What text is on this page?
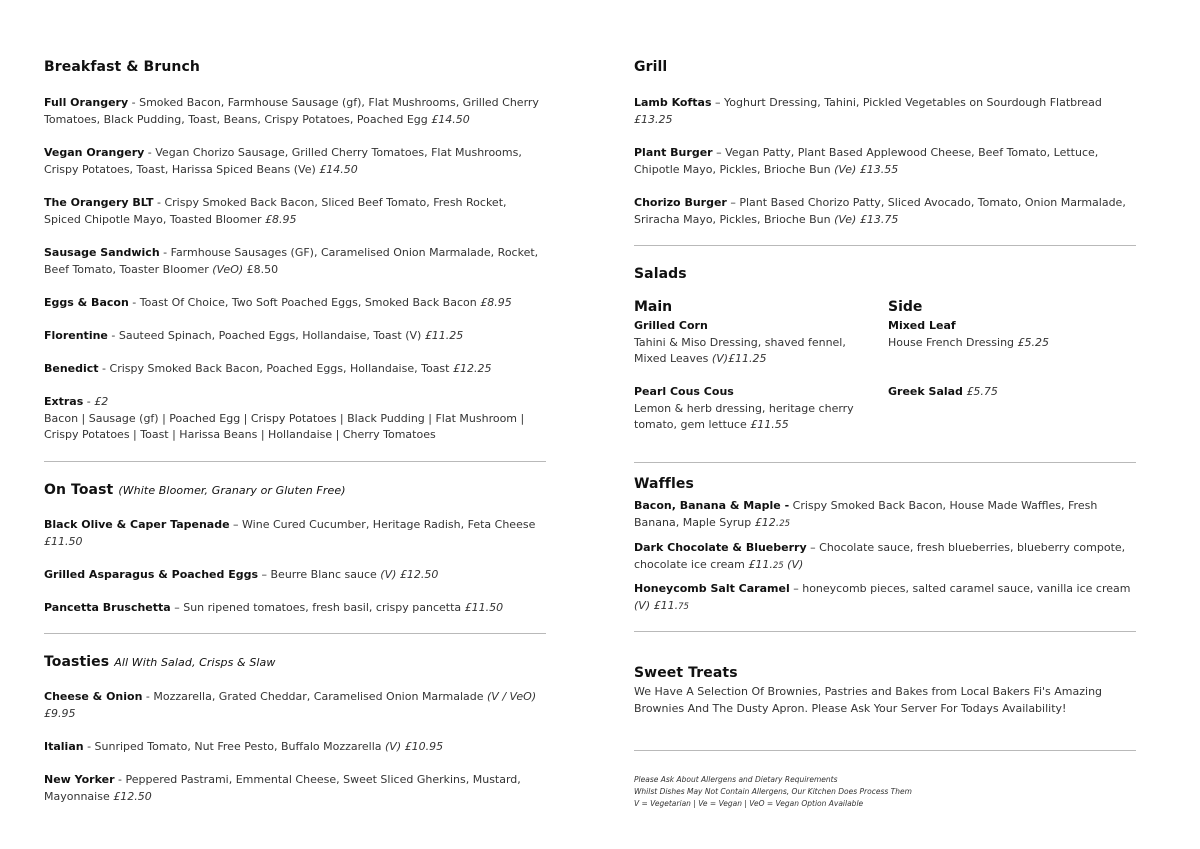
Breakfast & Brunch
Full Orangery - Smoked Bacon, Farmhouse Sausage (gf), Flat Mushrooms, Grilled Cherry Tomatoes, Black Pudding, Toast, Beans, Crispy Potatoes, Poached Egg £14.50
Vegan Orangery - Vegan Chorizo Sausage, Grilled Cherry Tomatoes, Flat Mushrooms, Crispy Potatoes, Toast, Harissa Spiced Beans (Ve) £14.50
The Orangery BLT - Crispy Smoked Back Bacon, Sliced Beef Tomato, Fresh Rocket, Spiced Chipotle Mayo, Toasted Bloomer £8.95
Sausage Sandwich - Farmhouse Sausages (GF), Caramelised Onion Marmalade, Rocket, Beef Tomato, Toaster Bloomer (VeO) £8.50
Eggs & Bacon - Toast Of Choice, Two Soft Poached Eggs, Smoked Back Bacon £8.95
Florentine - Sauteed Spinach, Poached Eggs, Hollandaise, Toast (V) £11.25
Benedict - Crispy Smoked Back Bacon, Poached Eggs, Hollandaise, Toast £12.25
Extras - £2
Bacon | Sausage (gf) | Poached Egg | Crispy Potatoes | Black Pudding | Flat Mushroom | Crispy Potatoes | Toast | Harissa Beans | Hollandaise | Cherry Tomatoes
On Toast (White Bloomer, Granary or Gluten Free)
Black Olive & Caper Tapenade – Wine Cured Cucumber, Heritage Radish, Feta Cheese £11.50
Grilled Asparagus & Poached Eggs – Beurre Blanc sauce (V) £12.50
Pancetta Bruschetta – Sun ripened tomatoes, fresh basil, crispy pancetta £11.50
Toasties All With Salad, Crisps & Slaw
Cheese & Onion - Mozzarella, Grated Cheddar, Caramelised Onion Marmalade (V / VeO) £9.95
Italian - Sunriped Tomato, Nut Free Pesto, Buffalo Mozzarella (V) £10.95
New Yorker - Peppered Pastrami, Emmental Cheese, Sweet Sliced Gherkins, Mustard, Mayonnaise £12.50
Grill
Lamb Koftas – Yoghurt Dressing, Tahini, Pickled Vegetables on Sourdough Flatbread £13.25
Plant Burger – Vegan Patty, Plant Based Applewood Cheese, Beef Tomato, Lettuce, Chipotle Mayo, Pickles, Brioche Bun (Ve) £13.55
Chorizo Burger – Plant Based Chorizo Patty, Sliced Avocado, Tomato, Onion Marmalade, Sriracha Mayo, Pickles, Brioche Bun (Ve) £13.75
Salads
Main	Side
Grilled Corn
Tahini & Miso Dressing, shaved fennel, Mixed Leaves (V)£11.25
Pearl Cous Cous
Lemon & herb dressing, heritage cherry tomato, gem lettuce £11.55
Mixed Leaf
House French Dressing £5.25
Greek Salad £5.75
Waffles
Bacon, Banana & Maple - Crispy Smoked Back Bacon, House Made Waffles, Fresh Banana, Maple Syrup £12.25
Dark Chocolate & Blueberry – Chocolate sauce, fresh blueberries, blueberry compote, chocolate ice cream £11.25 (V)
Honeycomb Salt Caramel – honeycomb pieces, salted caramel sauce, vanilla ice cream (V) £11.75
Sweet Treats
We Have A Selection Of Brownies, Pastries and Bakes from Local Bakers Fi's Amazing Brownies And The Dusty Apron. Please Ask Your Server For Todays Availability!
Please Ask About Allergens and Dietary Requirements
Whilst Dishes May Not Contain Allergens, Our Kitchen Does Process Them
V = Vegetarian | Ve = Vegan | VeO = Vegan Option Available
